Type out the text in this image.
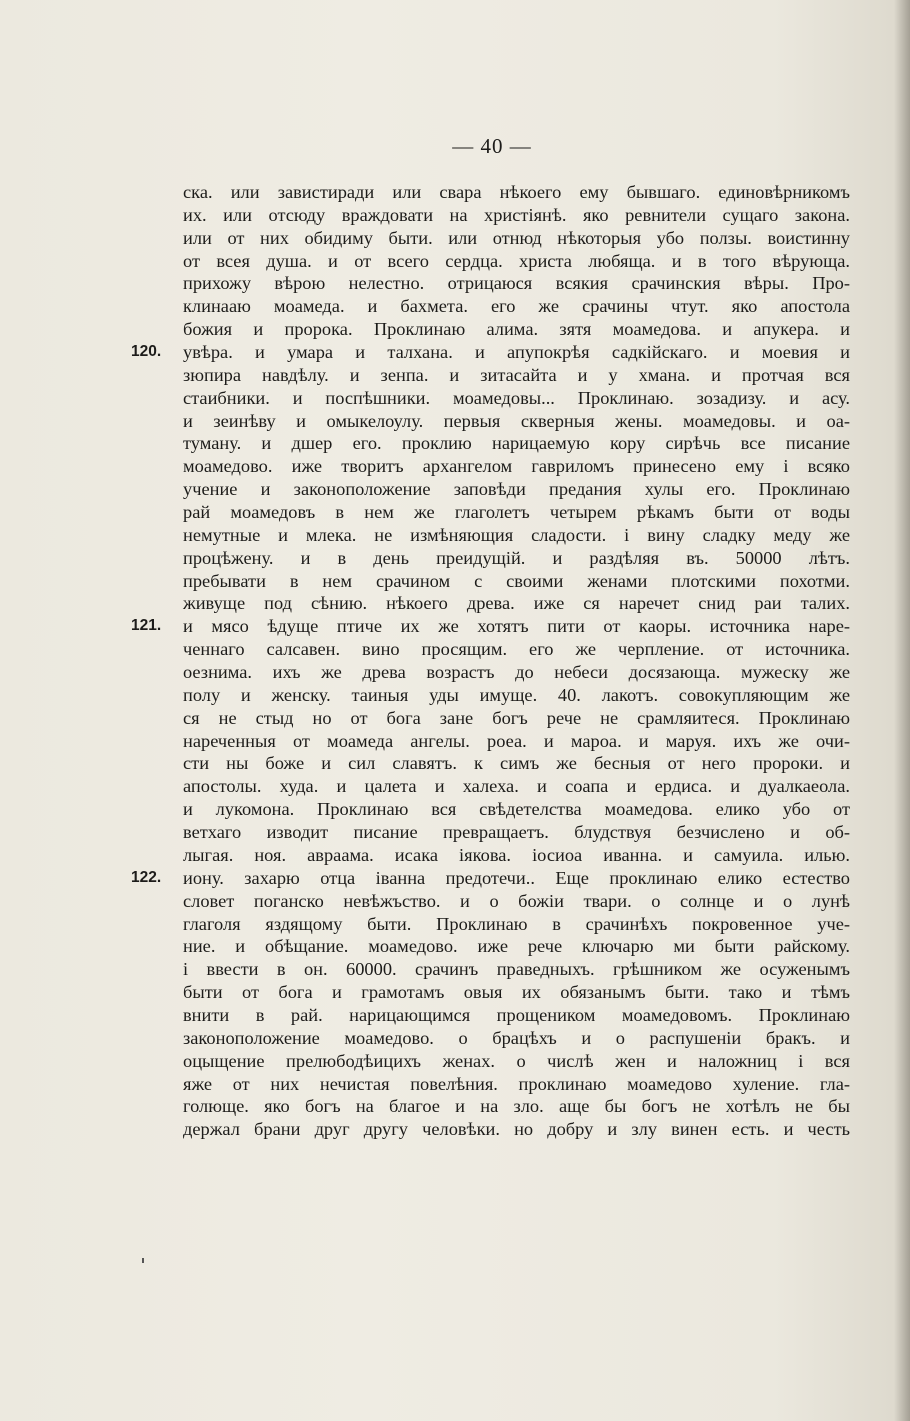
— 40 —
ска. или завистиради или свара нѣкоего ему бывшаго. единовѣрникомъ
их. или отсюду враждовати на христіянѣ. яко ревнители сущаго закона.
или от них обидиму быти. или отнюд нѣкоторыя убо ползы. воистинну
от всея душа. и от всего сердца. христа любяща. и в того вѣрующа.
прихожу вѣрою нелестно. отрицаюся всякия срачинския вѣры. Про-
клинааю моамеда. и бахмета. его же срачины чтут. яко апостола
божия и пророка. Проклинаю алима. зятя моамедова. и апукера. и
120. увѣра. и умара и талхана. и апупокрѣя садкійскаго. и моевия и
зюпира навдѣлу. и зенпа. и зитасайта и у хмана. и протчая вся
стаибники. и поспѣшники. моамедовы... Проклинаю. зозадизу. и асу.
и зеинѣву и омыкелоулу. первыя скверныя жены. моамедовы. и оа-
туману. и дшер его. проклию нарицаемую кору сирѣчь все писание
моамедово. иже творитъ архангелом гавриломъ принесено ему і всяко
учение и законоположение заповѣди предания хулы его. Проклинаю
рай моамедовъ в нем же глаголетъ четырем рѣкамъ быти от воды
немутные и млека. не измѣняющия сладости. і вину сладку меду же
процѣжену. и в день преидущій. и раздѣляя въ. 50000 лѣтъ.
пребывати в нем срачином с своими женами плотскими похотми.
живуще под сѣнию. нѣкоего древа. иже ся наречет снид раи талих.
121. и мясо ѣдуще птиче их же хотятъ пити от каоры. источника наре-
ченнаго салсавен. вино просящим. его же черпление. от источника.
оезнима. ихъ же древа возрастъ до небеси досязающа. мужеску же
полу и женску. таиныя уды имуще. 40. лакотъ. совокупляющим же
ся не стыд но от бога зане богъ рече не срамляитеся. Проклинаю
нареченныя от моамеда ангелы. роеа. и мароа. и маруя. ихъ же очи-
сти ны боже и сил славятъ. к симъ же бесныя от него пророки. и
апостолы. худа. и цалета и халеха. и соапа и ердиса. и дуалкаеола.
и лукомона. Проклинаю вся свѣдетелства моамедова. елико убо от
ветхаго изводит писание превращаетъ. блудствуя безчислено и об-
лыгая. ноя. авраама. исака іякова. іосиоа иванна. и самуила. илью.
122. иону. захарю отца іванна предотечи.. Еще проклинаю елико естество
словет поганско невѣжъство. и о божіи твари. о солнце и о лунѣ
глаголя яздящому быти. Проклинаю в срачинѣхъ покровенное уче-
ние. и обѣщание. моамедово. иже рече ключарю ми быти райскому.
і ввести в он. 60000. срачинъ праведныхъ. грѣшником же осуженымъ
быти от бога и грамотамъ овыя их обязанымъ быти. тако и тѣмъ
внити в рай. нарицающимся прощеником моамедовомъ. Проклинаю
законоположение моамедово. о брацѣхъ и о распушеніи бракъ. и
оцыщение прелюбодѣицихъ женах. о числѣ жен и наложниц і вся
яже от них нечистая повелѣния. проклинаю моамедово хуление. гла-
голюще. яко богъ на благое и на зло. аще бы богъ не хотѣлъ не бы
держал брани друг другу человѣки. но добру и злу винен есть. и честь
